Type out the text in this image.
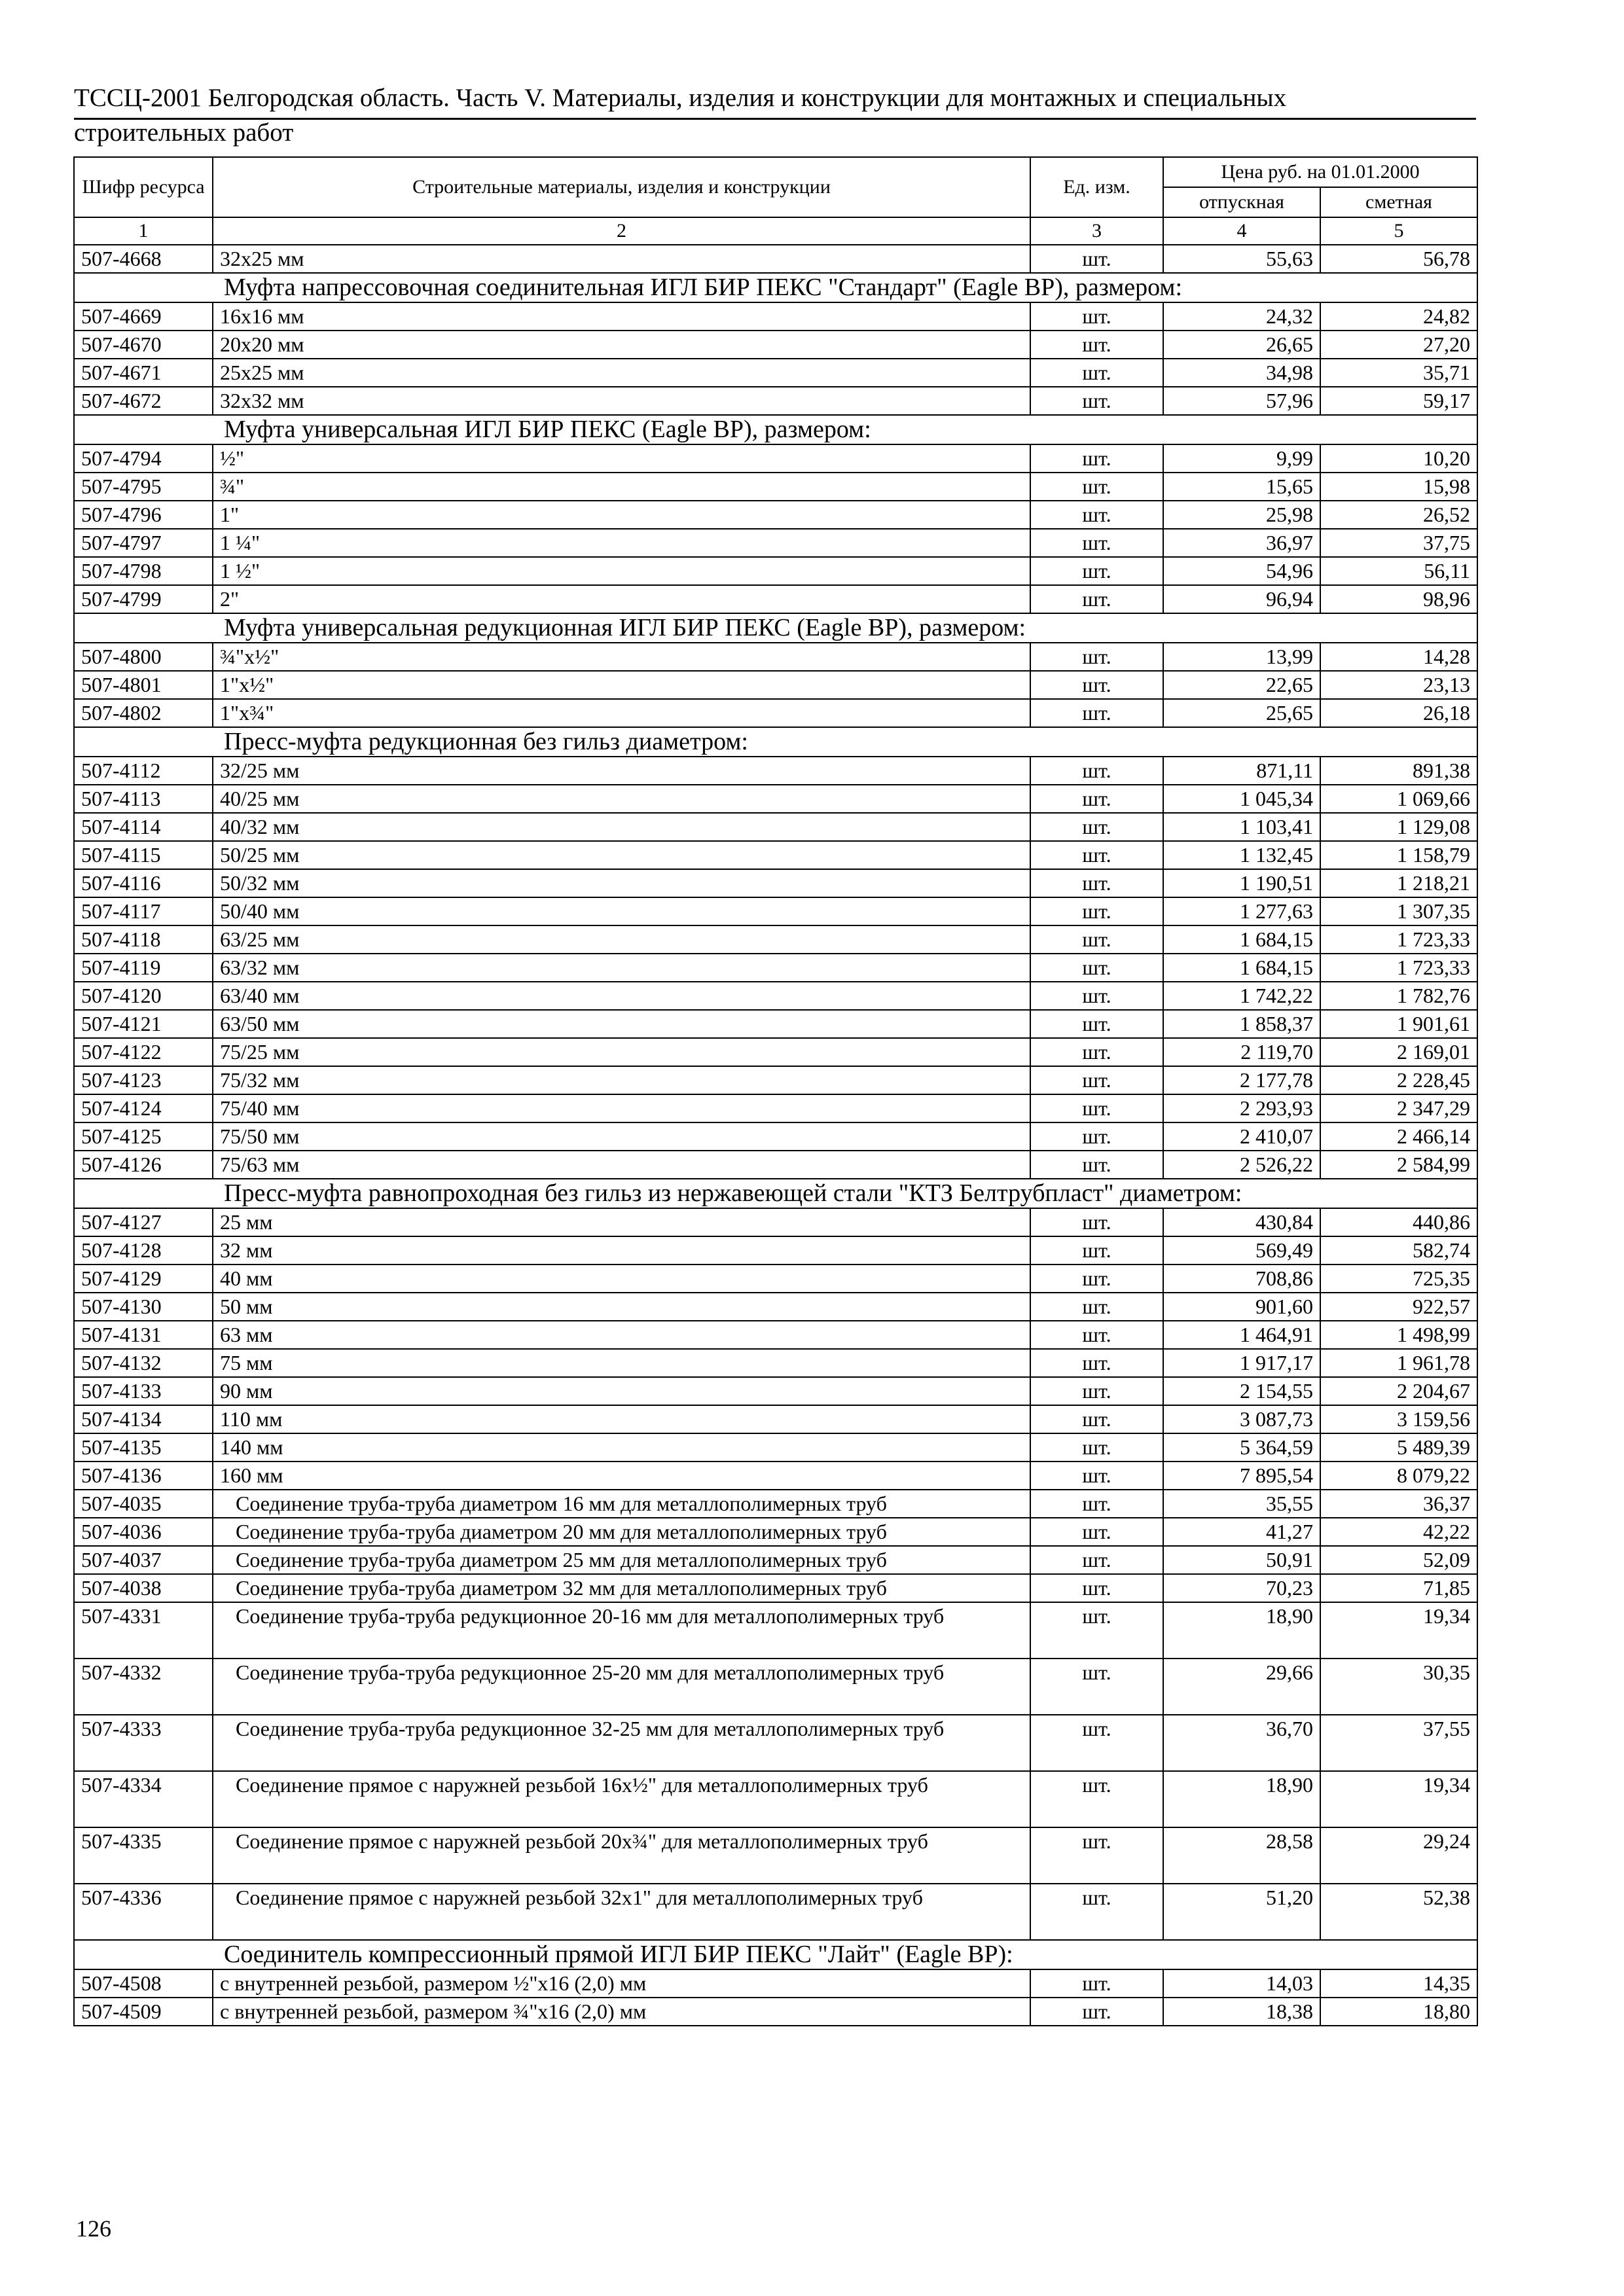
ТССЦ-2001 Белгородская область. Часть V. Материалы, изделия и конструкции для монтажных и специальных
строительных работ
Шифр ресурса	Строительные материалы, изделия и конструкции	Ед. изм.	Цена руб. на 01.01.2000	
			отпускная	сметная
1	2	3	4	5
507-4668	32х25 мм	шт.	55,63	56,78
Муфта напрессовочная соединительная ИГЛ БИР ПЕКС "Стандарт" (Eagle BP), размером:				
507-4669	16х16 мм	шт.	24,32	24,82
507-4670	20х20 мм	шт.	26,65	27,20
507-4671	25х25 мм	шт.	34,98	35,71
507-4672	32х32 мм	шт.	57,96	59,17
Муфта универсальная ИГЛ БИР ПЕКС (Eagle BP), размером:				
507-4794	½"	шт.	9,99	10,20
507-4795	¾"	шт.	15,65	15,98
507-4796	1"	шт.	25,98	26,52
507-4797	1 ¼"	шт.	36,97	37,75
507-4798	1 ½"	шт.	54,96	56,11
507-4799	2"	шт.	96,94	98,96
Муфта универсальная редукционная ИГЛ БИР ПЕКС (Eagle BP), размером:				
507-4800	¾"х½"	шт.	13,99	14,28
507-4801	1"х½"	шт.	22,65	23,13
507-4802	1"х¾"	шт.	25,65	26,18
Пресс-муфта редукционная без гильз диаметром:				
507-4112	32/25 мм	шт.	871,11	891,38
507-4113	40/25 мм	шт.	1 045,34	1 069,66
507-4114	40/32 мм	шт.	1 103,41	1 129,08
507-4115	50/25 мм	шт.	1 132,45	1 158,79
507-4116	50/32 мм	шт.	1 190,51	1 218,21
507-4117	50/40 мм	шт.	1 277,63	1 307,35
507-4118	63/25 мм	шт.	1 684,15	1 723,33
507-4119	63/32 мм	шт.	1 684,15	1 723,33
507-4120	63/40 мм	шт.	1 742,22	1 782,76
507-4121	63/50 мм	шт.	1 858,37	1 901,61
507-4122	75/25 мм	шт.	2 119,70	2 169,01
507-4123	75/32 мм	шт.	2 177,78	2 228,45
507-4124	75/40 мм	шт.	2 293,93	2 347,29
507-4125	75/50 мм	шт.	2 410,07	2 466,14
507-4126	75/63 мм	шт.	2 526,22	2 584,99
Пресс-муфта равнопроходная без гильз из нержавеющей стали "КТЗ Белтрубпласт" диаметром:				
507-4127	25 мм	шт.	430,84	440,86
507-4128	32 мм	шт.	569,49	582,74
507-4129	40 мм	шт.	708,86	725,35
507-4130	50 мм	шт.	901,60	922,57
507-4131	63 мм	шт.	1 464,91	1 498,99
507-4132	75 мм	шт.	1 917,17	1 961,78
507-4133	90 мм	шт.	2 154,55	2 204,67
507-4134	110 мм	шт.	3 087,73	3 159,56
507-4135	140 мм	шт.	5 364,59	5 489,39
507-4136	160 мм	шт.	7 895,54	8 079,22
507-4035	Соединение труба-труба диаметром 16 мм для металлополимерных труб	шт.	35,55	36,37
507-4036	Соединение труба-труба диаметром 20 мм для металлополимерных труб	шт.	41,27	42,22
507-4037	Соединение труба-труба диаметром 25 мм для металлополимерных труб	шт.	50,91	52,09
507-4038	Соединение труба-труба диаметром 32 мм для металлополимерных труб	шт.	70,23	71,85
507-4331	Соединение труба-труба редукционное 20-16 мм для металлополимерных труб	шт.	18,90	19,34
507-4332	Соединение труба-труба редукционное 25-20 мм для металлополимерных труб	шт.	29,66	30,35
507-4333	Соединение труба-труба редукционное 32-25 мм для металлополимерных труб	шт.	36,70	37,55
507-4334	Соединение прямое с наружней резьбой 16х½" для металлополимерных труб	шт.	18,90	19,34
507-4335	Соединение прямое с наружней резьбой 20х¾" для металлополимерных труб	шт.	28,58	29,24
507-4336	Соединение прямое с наружней резьбой 32х1" для металлополимерных труб	шт.	51,20	52,38
Соединитель компрессионный прямой ИГЛ БИР ПЕКС "Лайт" (Eagle BP):				
507-4508	с внутренней резьбой, размером ½"х16 (2,0) мм	шт.	14,03	14,35
507-4509	с внутренней резьбой, размером ¾"х16 (2,0) мм	шт.	18,38	18,80
126
